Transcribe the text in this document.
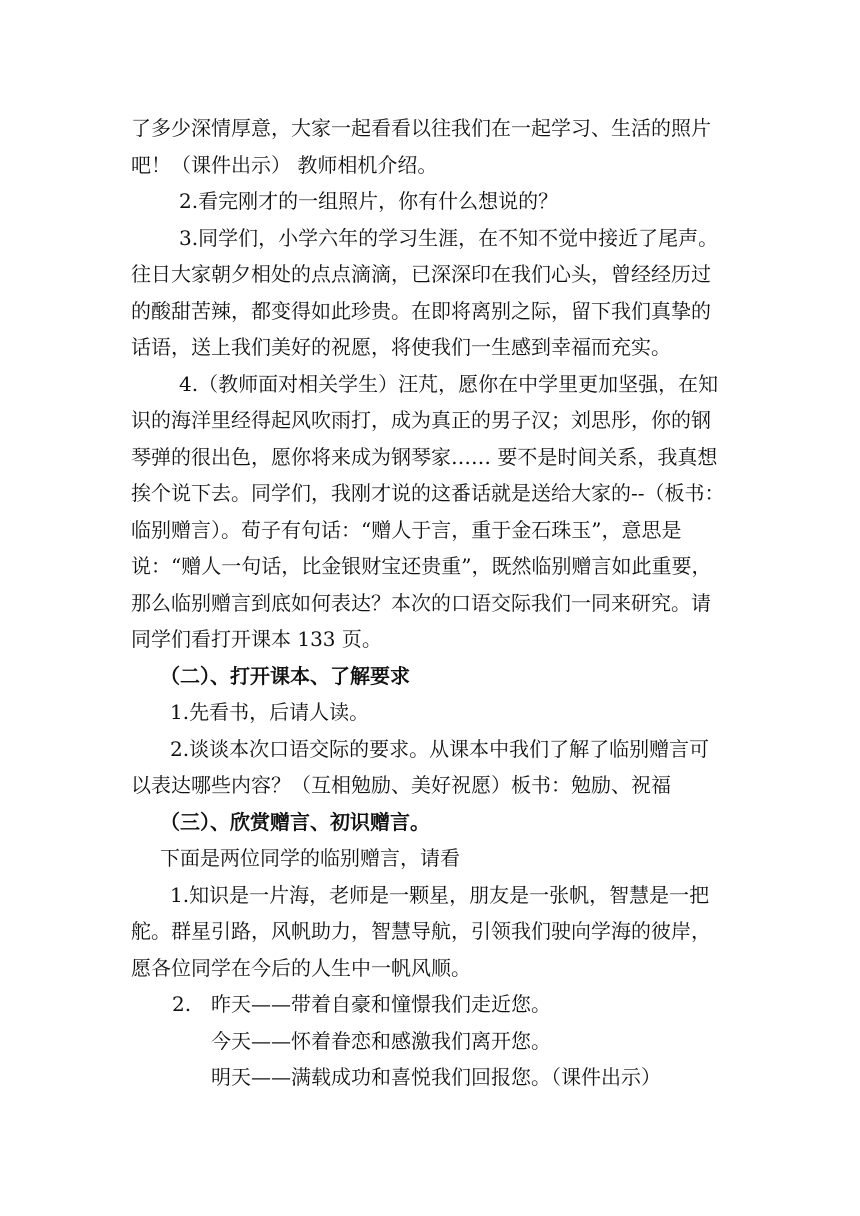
了多少深情厚意，大家一起看看以往我们在一起学习、生活的照片
吧！（课件出示） 教师相机介绍。
2.看完刚才的一组照片，你有什么想说的？
3.同学们，小学六年的学习生涯，在不知不觉中接近了尾声。
往日大家朝夕相处的点点滴滴，已深深印在我们心头，曾经经历过
的酸甜苦辣，都变得如此珍贵。在即将离别之际，留下我们真挚的
话语，送上我们美好的祝愿，将使我们一生感到幸福而充实。
4.（教师面对相关学生）汪芃，愿你在中学里更加坚强，在知
识的海洋里经得起风吹雨打，成为真正的男子汉；刘思彤，你的钢
琴弹的很出色，愿你将来成为钢琴家…… 要不是时间关系，我真想
挨个说下去。同学们，我刚才说的这番话就是送给大家的--（板书：
临别赠言）。荀子有句话：“赠人于言，重于金石珠玉”，意思是
说：“赠人一句话，比金银财宝还贵重”，既然临别赠言如此重要，
那么临别赠言到底如何表达？本次的口语交际我们一同来研究。请
同学们看打开课本 133 页。
（二）、打开课本、了解要求
1.先看书，后请人读。
2.谈谈本次口语交际的要求。从课本中我们了解了临别赠言可
以表达哪些内容？（互相勉励、美好祝愿）板书：勉励、祝福
（三）、欣赏赠言、初识赠言。
下面是两位同学的临别赠言，请看
1.知识是一片海，老师是一颗星，朋友是一张帆，智慧是一把
舵。群星引路，风帆助力，智慧导航，引领我们驶向学海的彼岸，
愿各位同学在今后的人生中一帆风顺。
2. 昨天——带着自豪和憧憬我们走近您。
今天——怀着眷恋和感激我们离开您。
明天——满载成功和喜悦我们回报您。（课件出示）
